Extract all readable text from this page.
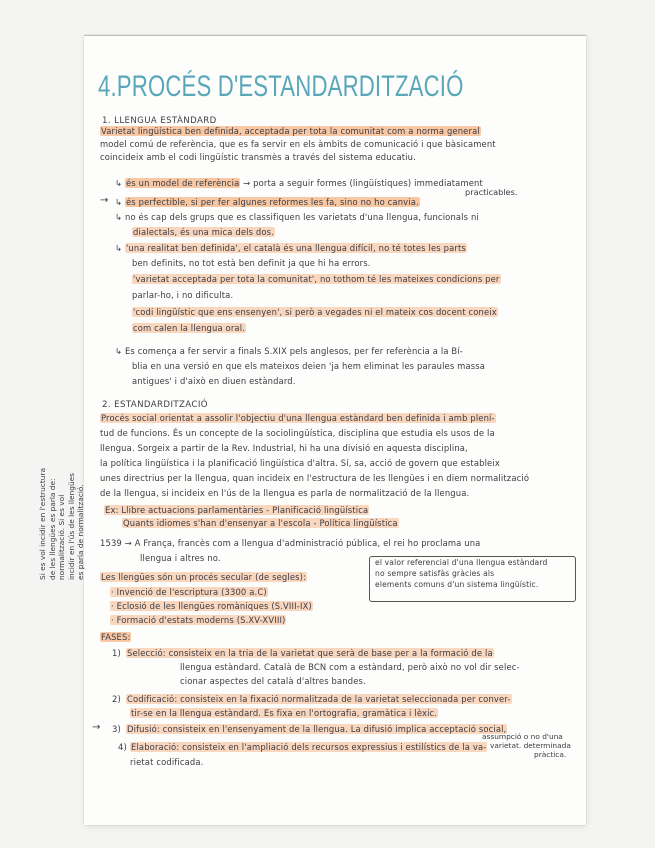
4.PROCÉS D'ESTANDARDITZACIÓ
1. LLENGUA ESTÀNDARD
Varietat lingüística ben definida, acceptada per tota la comunitat com a norma general
model comú de referència, que es fa servir en els àmbits de comunicació i que bàsicament
coincideix amb el codi lingüístic transmès a través del sistema educatiu.
↳ és un model de referència → porta a seguir formes (lingüístiques) immediatament
practicables.
→ ↳ és perfectible, si per fer algunes reformes les fa, sino no ho canvia.
↳ no és cap dels grups que es classifiquen les varietats d'una llengua, funcionals ni
dialectals, és una mica dels dos.
↳ 'una realitat ben definida', el català és una llengua difícil, no té totes les parts
ben definits, no tot està ben definit ja que hi ha errors.
'varietat acceptada per tota la comunitat', no tothom té les mateixes condicions per
parlar-ho, i no dificulta.
'codi lingüístic que ens ensenyen', si però a vegades ni el mateix cos docent coneix
com calen la llengua oral.
↳ Es comença a fer servir a finals S.XIX pels anglesos, per fer referència a la Bí-
blia en una versió en que els mateixos deien 'ja hem eliminat les paraules massa
antigues' i d'això en diuen estàndard.
2. ESTANDARDITZACIÓ
Procés social orientat a assolir l'objectiu d'una llengua estàndard ben definida i amb plení-
tud de funcions. És un concepte de la sociolingüística, disciplina que estudia els usos de la
llengua. Sorgeix a partir de la Rev. Industrial, hi ha una divisió en aquesta disciplina,
la política lingüística i la planificació lingüística d'altra. Sí, sa, acció de govern que estableix
unes directrius per la llengua, quan incideix en l'estructura de les llengües i en diem normalització
de la llengua, si incideix en l'ús de la llengua es parla de normalització de la llengua.
Ex: Llibre actuacions parlamentàries - Planificació lingüística
Quants idiomes s'han d'ensenyar a l'escola - Política lingüística
1539 → A França, francès com a llengua d'administració pública, el rei ho proclama una
llengua i altres no.	el valor referencial d'una llengua estàndard
no sempre satisfàs gràcies als
elements comuns d'un sistema lingüístic.
Les llengües són un procés secular (de segles):
· Invenció de l'escriptura (3300 a.C)
· Eclosió de les llengües romàniques (S.VIII-IX)
· Formació d'estats moderns (S.XV-XVIII)
Si es vol incidir en l'estructura de les llengües es parla de: normalització. Si es vol incidir en l'ús de les llengües es parla de normalització.
FASES:
1) Selecció: consisteix en la tria de la varietat que serà de base per a la formació de la
llengua estàndard. Català de BCN com a estàndard, però això no vol dir selec-
cionar aspectes del català d'altres bandes.
2) Codificació: consisteix en la fixació normalitzada de la varietat seleccionada per conver-
tir-se en la llengua estàndard. Es fixa en l'ortografia, gramàtica i lèxic.
→ 3) Difusió: consisteix en l'ensenyament de la llengua. La difusió implica acceptació social,
assumpció o no d'una
varietat. determinada
pràctica.
4) Elaboració: consisteix en l'ampliació dels recursos expressius i estilístics de la va-
rietat codificada.
